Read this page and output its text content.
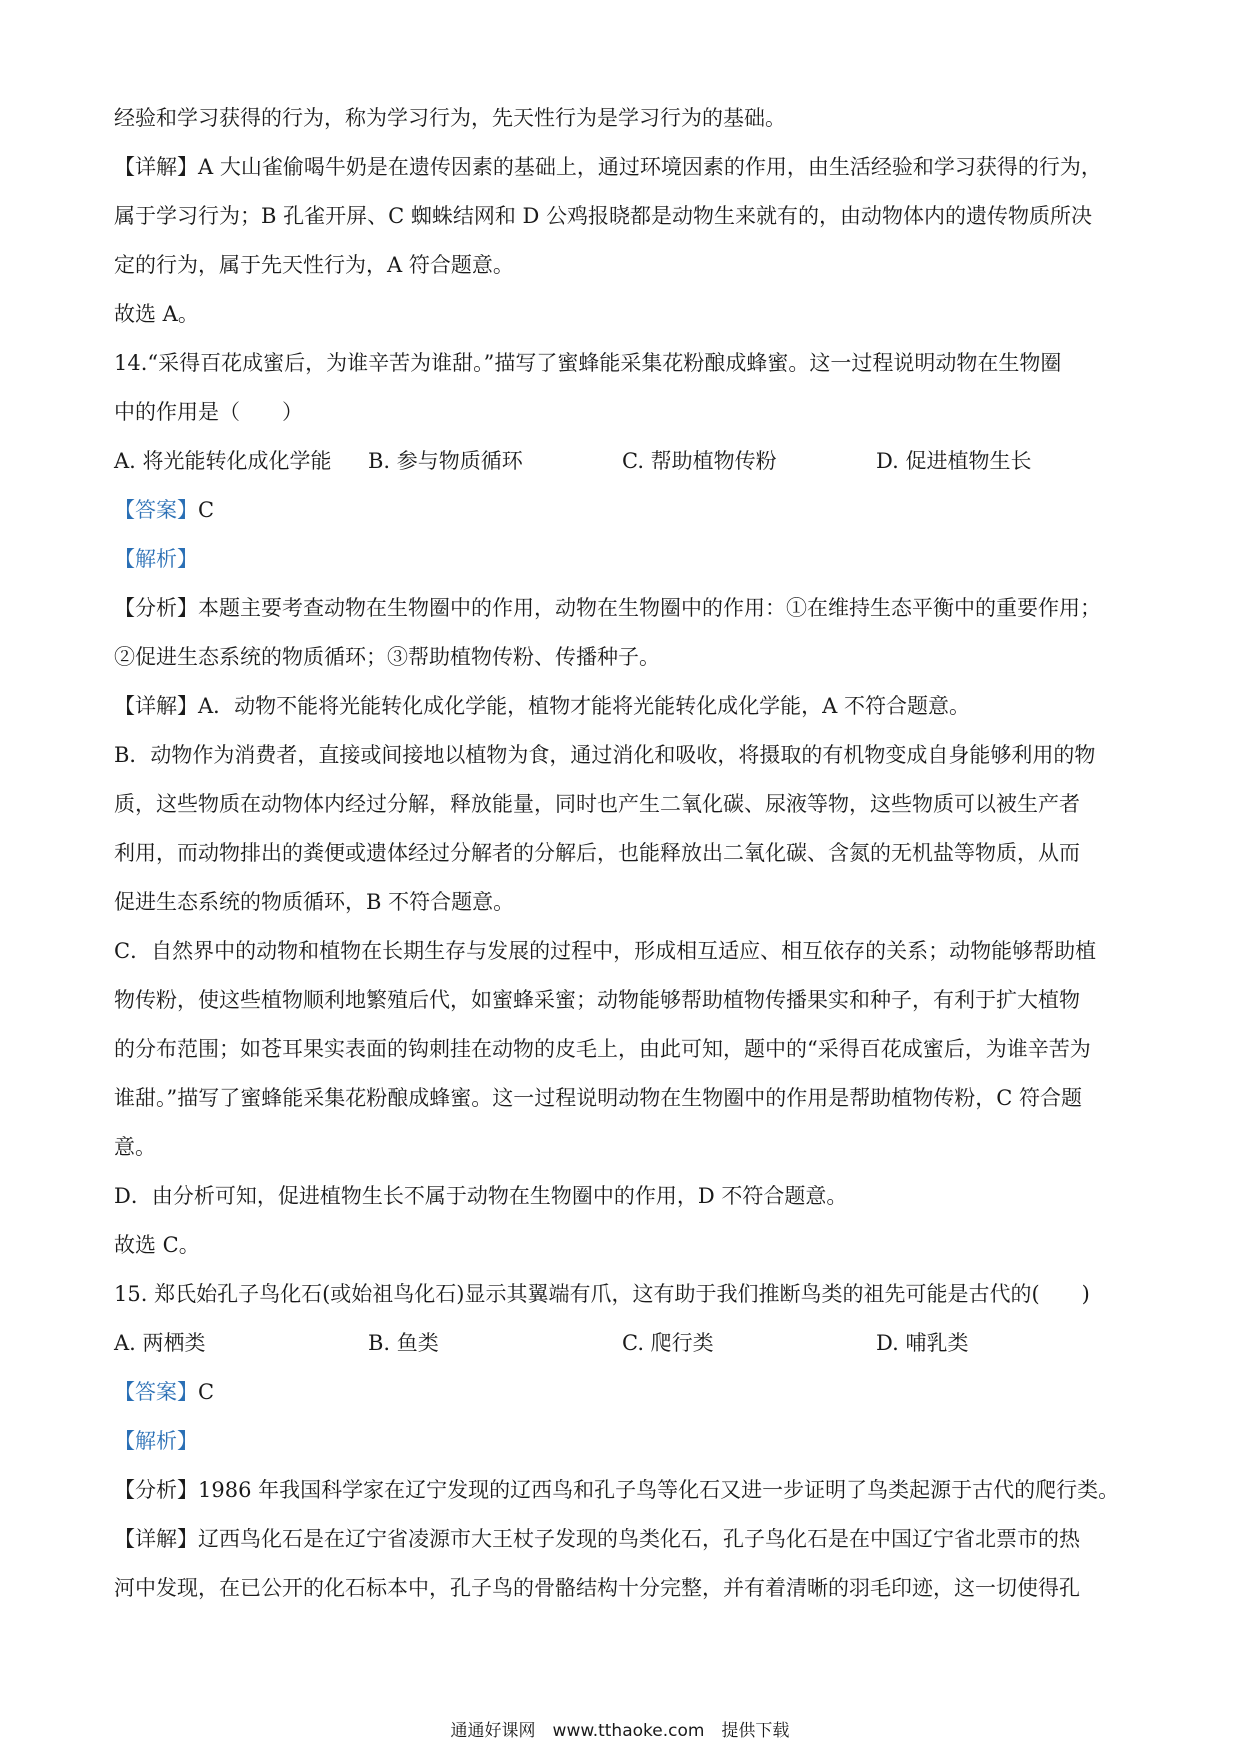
经验和学习获得的行为，称为学习行为，先天性行为是学习行为的基础。
【详解】A 大山雀偷喝牛奶是在遗传因素的基础上，通过环境因素的作用，由生活经验和学习获得的行为，
属于学习行为；B 孔雀开屏、C 蜘蛛结网和 D 公鸡报晓都是动物生来就有的，由动物体内的遗传物质所决
定的行为，属于先天性行为，A 符合题意。
故选 A。
14.“采得百花成蜜后，为谁辛苦为谁甜。”描写了蜜蜂能采集花粉酿成蜂蜜。这一过程说明动物在生物圈
中的作用是（　　）
A. 将光能转化成化学能	B. 参与物质循环	C. 帮助植物传粉	D. 促进植物生长
【答案】C
【解析】
【分析】本题主要考查动物在生物圈中的作用，动物在生物圈中的作用：①在维持生态平衡中的重要作用；
②促进生态系统的物质循环；③帮助植物传粉、传播种子。
【详解】A．动物不能将光能转化成化学能，植物才能将光能转化成化学能，A 不符合题意。
B．动物作为消费者，直接或间接地以植物为食，通过消化和吸收，将摄取的有机物变成自身能够利用的物
质，这些物质在动物体内经过分解，释放能量，同时也产生二氧化碳、尿液等物，这些物质可以被生产者
利用，而动物排出的粪便或遗体经过分解者的分解后，也能释放出二氧化碳、含氮的无机盐等物质，从而
促进生态系统的物质循环，B 不符合题意。
C．自然界中的动物和植物在长期生存与发展的过程中，形成相互适应、相互依存的关系；动物能够帮助植
物传粉，使这些植物顺利地繁殖后代，如蜜蜂采蜜；动物能够帮助植物传播果实和种子，有利于扩大植物
的分布范围；如苍耳果实表面的钩刺挂在动物的皮毛上，由此可知，题中的“采得百花成蜜后，为谁辛苦为
谁甜。”描写了蜜蜂能采集花粉酿成蜂蜜。这一过程说明动物在生物圈中的作用是帮助植物传粉，C 符合题
意。
D．由分析可知，促进植物生长不属于动物在生物圈中的作用，D 不符合题意。
故选 C。
15. 郑氏始孔子鸟化石(或始祖鸟化石)显示其翼端有爪，这有助于我们推断鸟类的祖先可能是古代的(　　)
A. 两栖类	B. 鱼类	C. 爬行类	D. 哺乳类
【答案】C
【解析】
【分析】1986 年我国科学家在辽宁发现的辽西鸟和孔子鸟等化石又进一步证明了鸟类起源于古代的爬行类。
【详解】辽西鸟化石是在辽宁省凌源市大王杖子发现的鸟类化石，孔子鸟化石是在中国辽宁省北票市的热
河中发现，在已公开的化石标本中，孔子鸟的骨骼结构十分完整，并有着清晰的羽毛印迹，这一切使得孔
通通好课网　www.tthaoke.com　提供下载
